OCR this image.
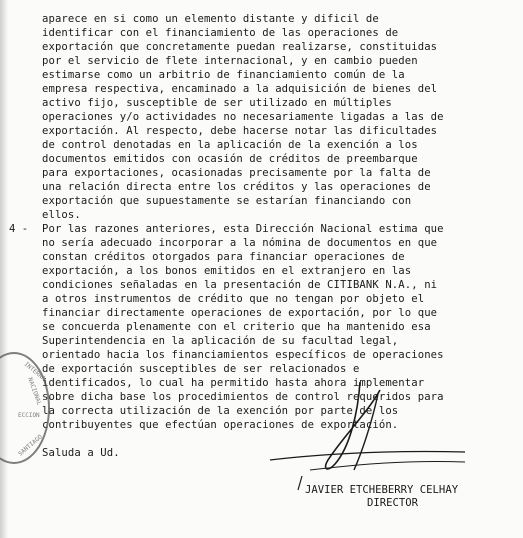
aparece en si como un elemento distante y dificil de
identificar con el financiamiento de las operaciones de
exportación que concretamente puedan realizarse, constituidas
por el servicio de flete internacional, y en cambio pueden
estimarse como un arbitrio de financiamiento común de la
empresa respectiva, encaminado a la adquisición de bienes del
activo fijo, susceptible de ser utilizado en múltiples
operaciones y/o actividades no necesariamente ligadas a las de
exportación. Al respecto, debe hacerse notar las dificultades
de control denotadas en la aplicación de la exención a los
documentos emitidos con ocasión de créditos de preembarque
para exportaciones, ocasionadas precisamente por la falta de
una relación directa entre los créditos y las operaciones de
exportación que supuestamente se estarían financiando con
ellos.
4 - Por las razones anteriores, esta Dirección Nacional estima que
no sería adecuado incorporar a la nómina de documentos en que
constan créditos otorgados para financiar operaciones de
exportación, a los bonos emitidos en el extranjero en las
condiciones señaladas en la presentación de CITIBANK N.A., ni
a otros instrumentos de crédito que no tengan por objeto el
financiar directamente operaciones de exportación, por lo que
se concuerda plenamente con el criterio que ha mantenido esa
Superintendencia en la aplicación de su facultad legal,
orientado hacia los financiamientos específicos de operaciones
de exportación susceptibles de ser relacionados e
identificados, lo cual ha permitido hasta ahora implementar
sobre dicha base los procedimientos de control requeridos para
la correcta utilización de la exención por parte de los
contribuyentes que efectúan operaciones de exportación.
Saluda a Ud.
INTERNA
NACIONAL
ECCION
SANTIAGO
JAVIER ETCHEBERRY CELHAY
DIRECTOR
